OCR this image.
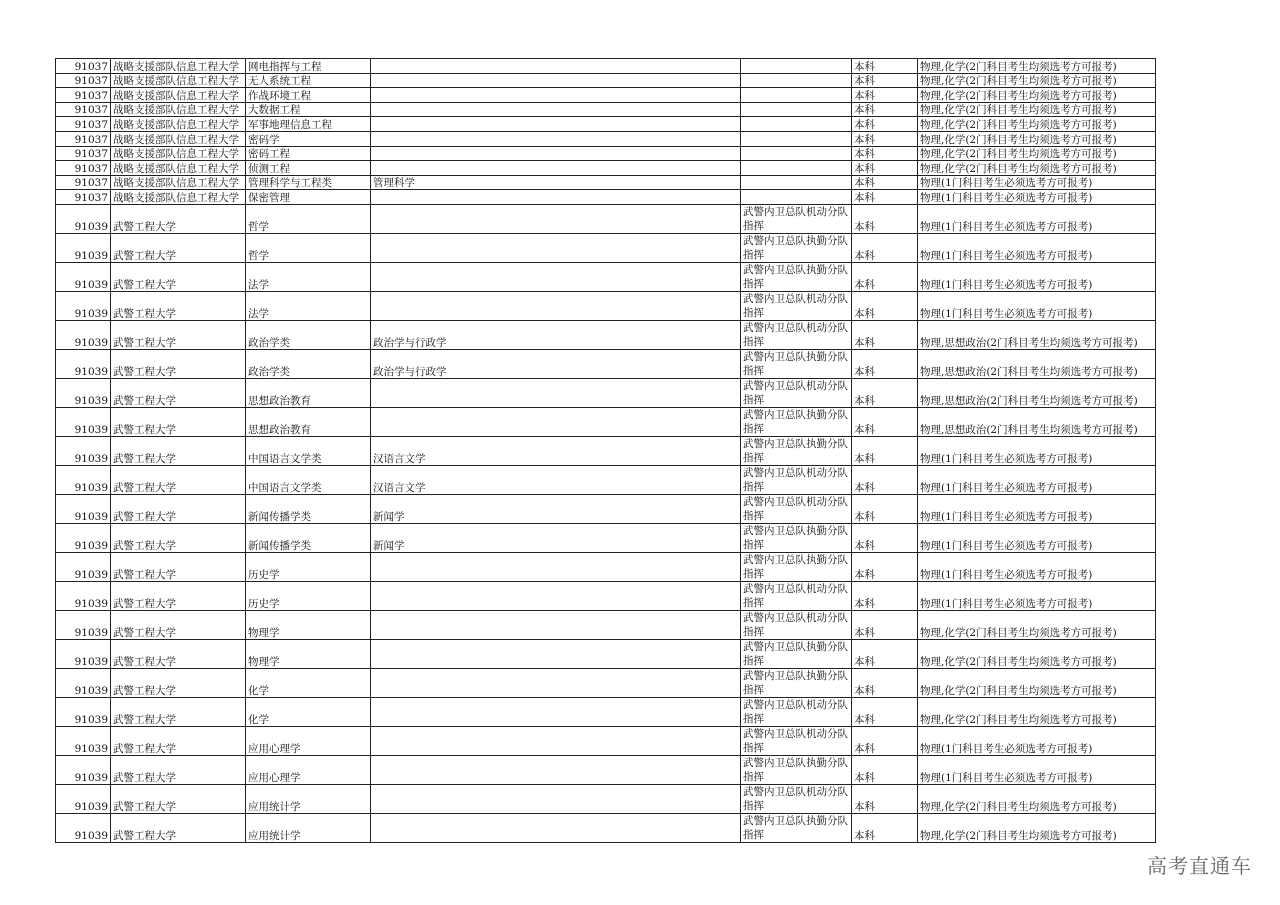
91037	战略支援部队信息工程大学	网电指挥与工程			本科	物理,化学(2门科目考生均须选考方可报考)
91037	战略支援部队信息工程大学	无人系统工程			本科	物理,化学(2门科目考生均须选考方可报考)
91037	战略支援部队信息工程大学	作战环境工程			本科	物理,化学(2门科目考生均须选考方可报考)
91037	战略支援部队信息工程大学	大数据工程			本科	物理,化学(2门科目考生均须选考方可报考)
91037	战略支援部队信息工程大学	军事地理信息工程			本科	物理,化学(2门科目考生均须选考方可报考)
91037	战略支援部队信息工程大学	密码学			本科	物理,化学(2门科目考生均须选考方可报考)
91037	战略支援部队信息工程大学	密码工程			本科	物理,化学(2门科目考生均须选考方可报考)
91037	战略支援部队信息工程大学	侦测工程			本科	物理,化学(2门科目考生均须选考方可报考)
91037	战略支援部队信息工程大学	管理科学与工程类	管理科学		本科	物理(1门科目考生必须选考方可报考)
91037	战略支援部队信息工程大学	保密管理			本科	物理(1门科目考生必须选考方可报考)
91039	武警工程大学	哲学		武警内卫总队机动分队指挥	本科	物理(1门科目考生必须选考方可报考)
91039	武警工程大学	哲学		武警内卫总队执勤分队指挥	本科	物理(1门科目考生必须选考方可报考)
91039	武警工程大学	法学		武警内卫总队执勤分队指挥	本科	物理(1门科目考生必须选考方可报考)
91039	武警工程大学	法学		武警内卫总队机动分队指挥	本科	物理(1门科目考生必须选考方可报考)
91039	武警工程大学	政治学类	政治学与行政学	武警内卫总队机动分队指挥	本科	物理,思想政治(2门科目考生均须选考方可报考)
91039	武警工程大学	政治学类	政治学与行政学	武警内卫总队执勤分队指挥	本科	物理,思想政治(2门科目考生均须选考方可报考)
91039	武警工程大学	思想政治教育		武警内卫总队机动分队指挥	本科	物理,思想政治(2门科目考生均须选考方可报考)
91039	武警工程大学	思想政治教育		武警内卫总队执勤分队指挥	本科	物理,思想政治(2门科目考生均须选考方可报考)
91039	武警工程大学	中国语言文学类	汉语言文学	武警内卫总队执勤分队指挥	本科	物理(1门科目考生必须选考方可报考)
91039	武警工程大学	中国语言文学类	汉语言文学	武警内卫总队机动分队指挥	本科	物理(1门科目考生必须选考方可报考)
91039	武警工程大学	新闻传播学类	新闻学	武警内卫总队机动分队指挥	本科	物理(1门科目考生必须选考方可报考)
91039	武警工程大学	新闻传播学类	新闻学	武警内卫总队执勤分队指挥	本科	物理(1门科目考生必须选考方可报考)
91039	武警工程大学	历史学		武警内卫总队执勤分队指挥	本科	物理(1门科目考生必须选考方可报考)
91039	武警工程大学	历史学		武警内卫总队机动分队指挥	本科	物理(1门科目考生必须选考方可报考)
91039	武警工程大学	物理学		武警内卫总队机动分队指挥	本科	物理,化学(2门科目考生均须选考方可报考)
91039	武警工程大学	物理学		武警内卫总队执勤分队指挥	本科	物理,化学(2门科目考生均须选考方可报考)
91039	武警工程大学	化学		武警内卫总队执勤分队指挥	本科	物理,化学(2门科目考生均须选考方可报考)
91039	武警工程大学	化学		武警内卫总队机动分队指挥	本科	物理,化学(2门科目考生均须选考方可报考)
91039	武警工程大学	应用心理学		武警内卫总队机动分队指挥	本科	物理(1门科目考生必须选考方可报考)
91039	武警工程大学	应用心理学		武警内卫总队执勤分队指挥	本科	物理(1门科目考生必须选考方可报考)
91039	武警工程大学	应用统计学		武警内卫总队机动分队指挥	本科	物理,化学(2门科目考生均须选考方可报考)
91039	武警工程大学	应用统计学		武警内卫总队执勤分队指挥	本科	物理,化学(2门科目考生均须选考方可报考)
高考直通车
